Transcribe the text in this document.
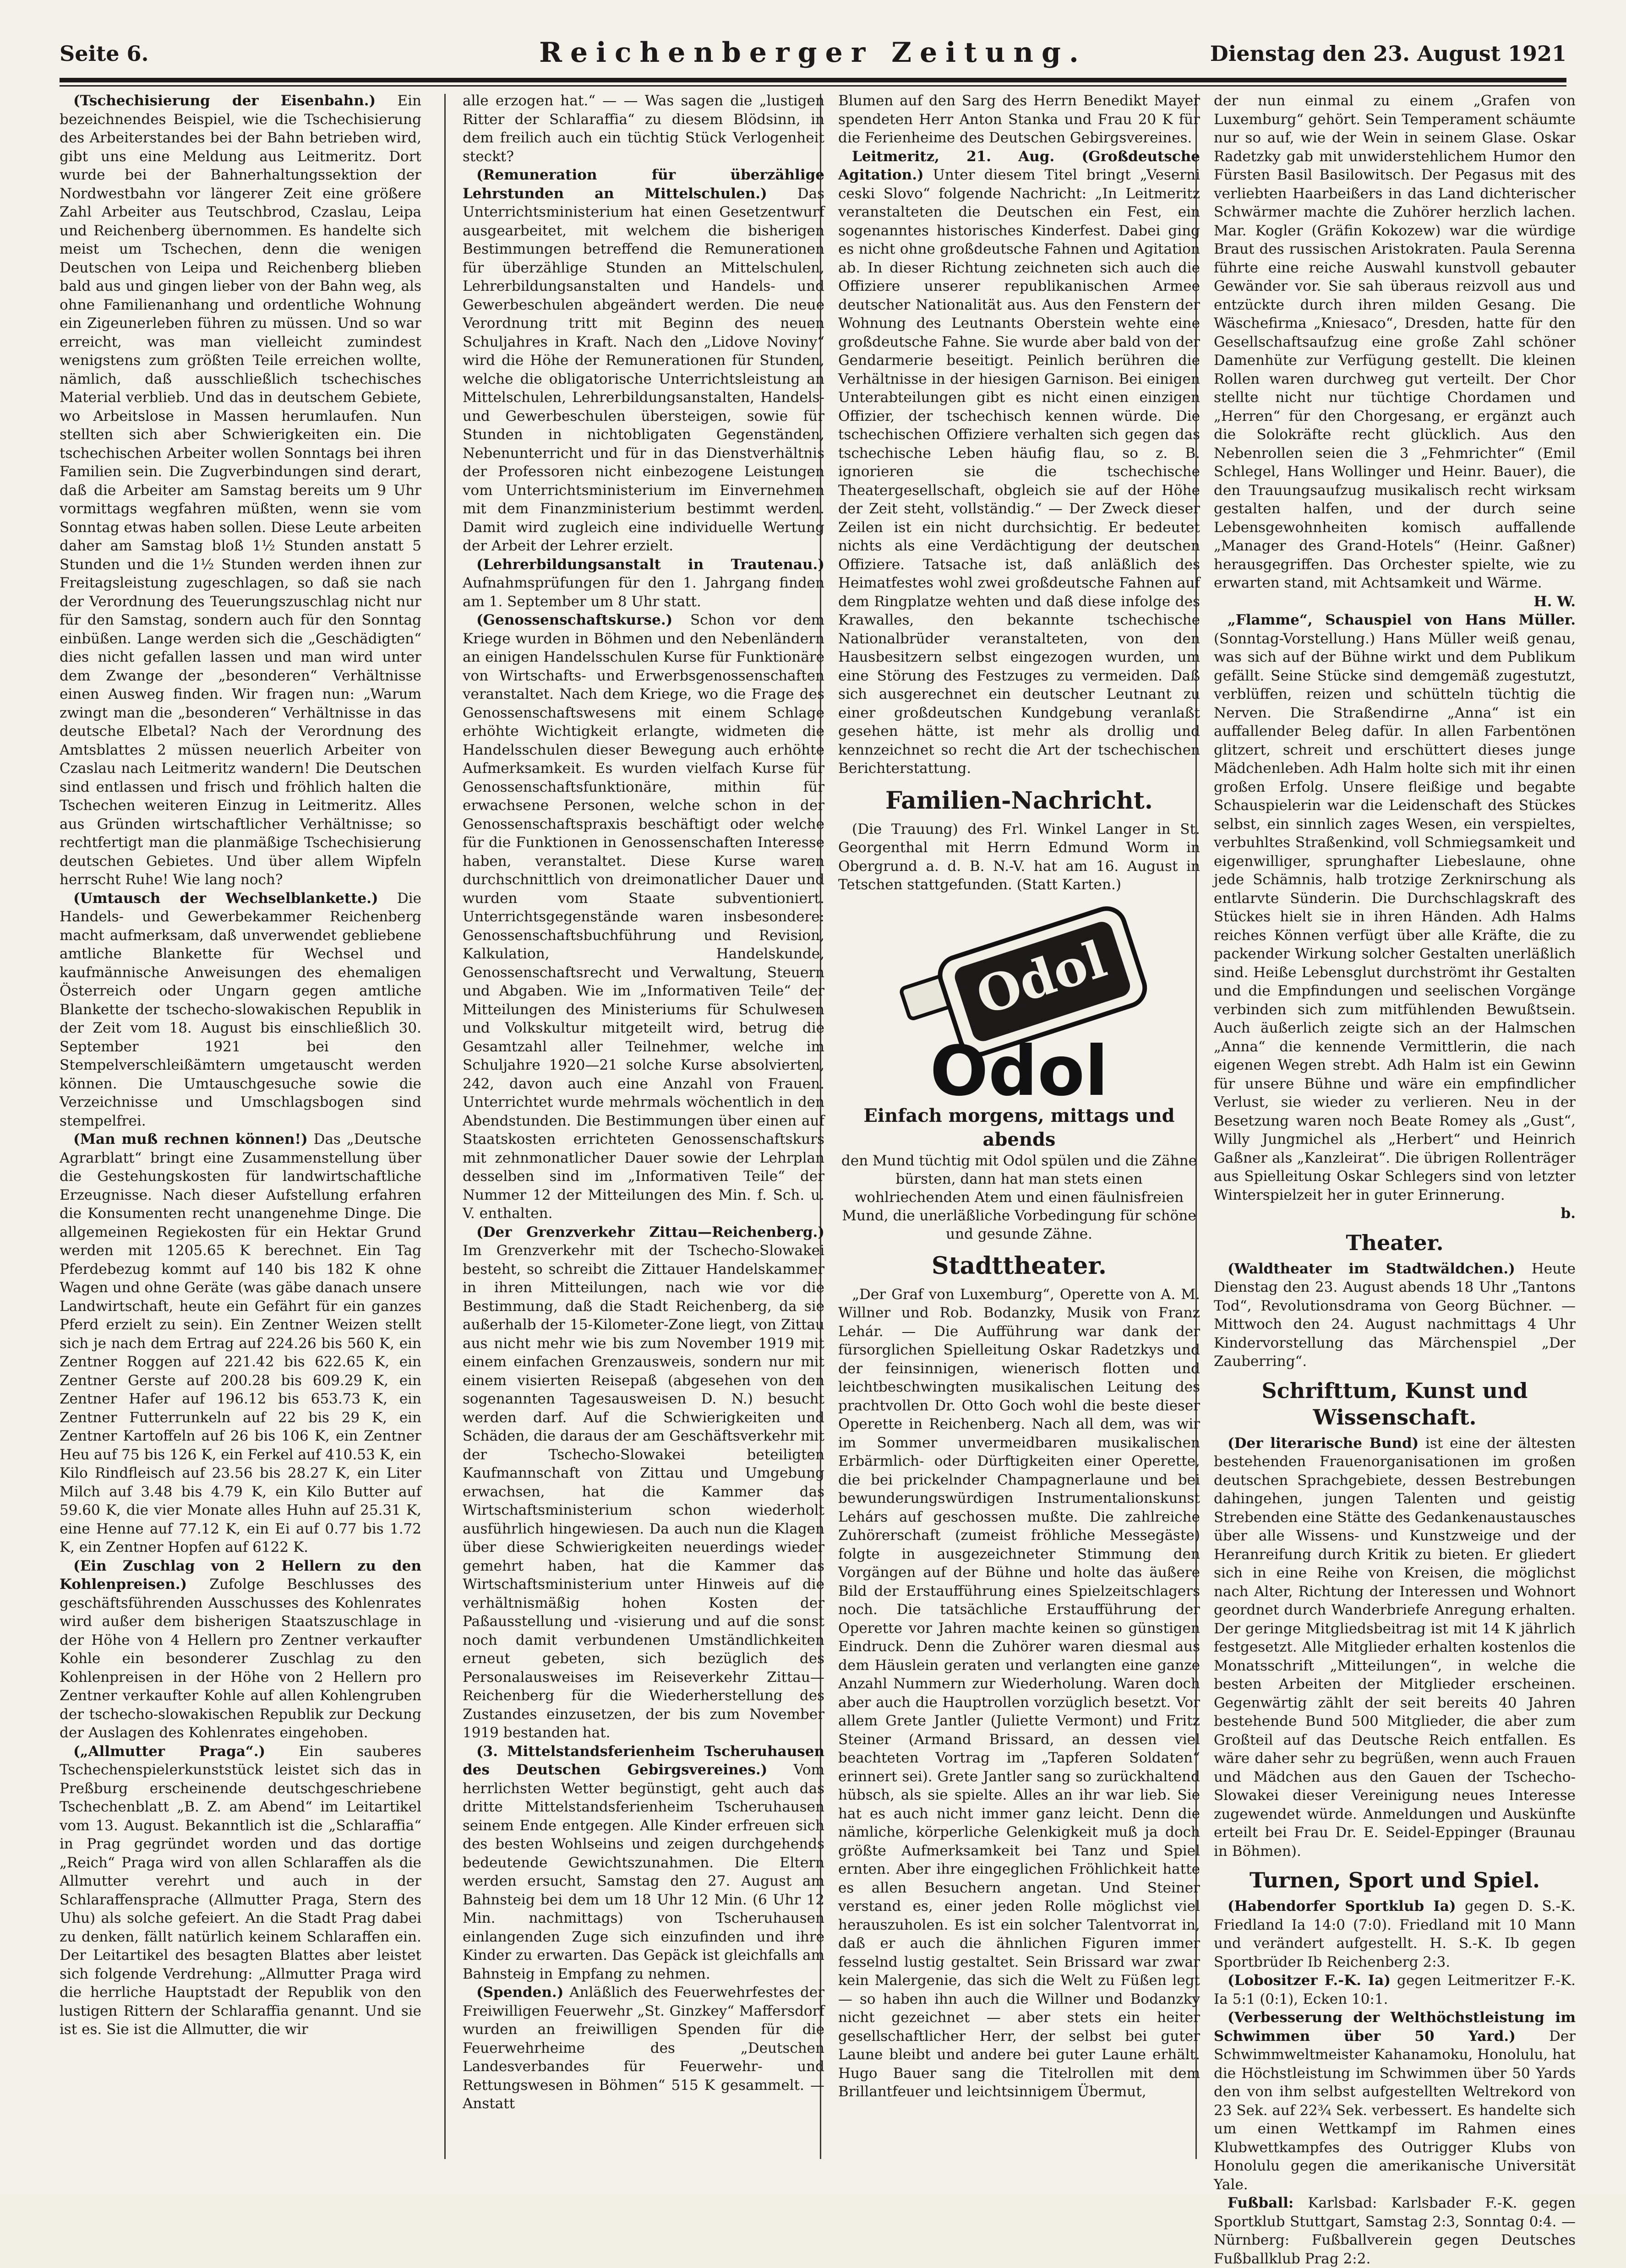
Seite 6.	Reichenberger Zeitung.	Dienstag den 23. August 1921

(Tschechisierung der Eisenbahn.) Ein bezeichnendes Beispiel, wie die Tschechisierung des Arbeiterstandes bei der Bahn betrieben wird, gibt uns eine Meldung aus Leitmeritz. Dort wurde bei der Bahnerhaltungssektion der Nordwestbahn vor längerer Zeit eine größere Zahl Arbeiter aus Teutschbrod, Czaslau, Leipa und Reichenberg übernommen. Es handelte sich meist um Tschechen, denn die wenigen Deutschen von Leipa und Reichenberg blieben bald aus und gingen lieber von der Bahn weg, als ohne Familienanhang und ordentliche Wohnung ein Zigeunerleben führen zu müssen. Und so war erreicht, was man vielleicht zumindest wenigstens zum größten Teile erreichen wollte, nämlich, daß ausschließlich tschechisches Material verblieb. Und das in deutschem Gebiete, wo Arbeitslose in Massen herumlaufen. Nun stellten sich aber Schwierigkeiten ein. Die tschechischen Arbeiter wollen Sonntags bei ihren Familien sein. Die Zugverbindungen sind derart, daß die Arbeiter am Samstag bereits um 9 Uhr vormittags wegfahren müßten, wenn sie vom Sonntag etwas haben sollen. Diese Leute arbeiten daher am Samstag bloß 1½ Stunden anstatt 5 Stunden und die 1½ Stunden werden ihnen zur Freitagsleistung zugeschlagen, so daß sie nach der Verordnung des Teuerungszuschlag nicht nur für den Samstag, sondern auch für den Sonntag einbüßen. Lange werden sich die „Geschädigten“ dies nicht gefallen lassen und man wird unter dem Zwange der „besonderen“ Verhältnisse einen Ausweg finden. Wir fragen nun: „Warum zwingt man die „besonderen“ Verhältnisse in das deutsche Elbetal? Nach der Verordnung des Amtsblattes 2 müssen neuerlich Arbeiter von Czaslau nach Leitmeritz wandern! Die Deutschen sind entlassen und frisch und fröhlich halten die Tschechen weiteren Einzug in Leitmeritz. Alles aus Gründen wirtschaftlicher Verhältnisse; so rechtfertigt man die planmäßige Tschechisierung deutschen Gebietes. Und über allem Wipfeln herrscht Ruhe! Wie lang noch?

(Umtausch der Wechselblankette.) Die Handels- und Gewerbekammer Reichenberg macht aufmerksam, daß unverwendet gebliebene amtliche Blankette für Wechsel und kaufmännische Anweisungen des ehemaligen Österreich oder Ungarn gegen amtliche Blankette der tschecho-slowakischen Republik in der Zeit vom 18. August bis einschließlich 30. September 1921 bei den Stempelverschleißämtern umgetauscht werden können. Die Umtauschgesuche sowie die Verzeichnisse und Umschlagsbogen sind stempelfrei.

(Man muß rechnen können!) Das „Deutsche Agrarblatt“ bringt eine Zusammenstellung über die Gestehungskosten für landwirtschaftliche Erzeugnisse. Nach dieser Aufstellung erfahren die Konsumenten recht unangenehme Dinge. Die allgemeinen Regiekosten für ein Hektar Grund werden mit 1205.65 K berechnet. Ein Tag Pferdebezug kommt auf 140 bis 182 K ohne Wagen und ohne Geräte (was gäbe danach unsere Landwirtschaft, heute ein Gefährt für ein ganzes Pferd erzielt zu sein). Ein Zentner Weizen stellt sich je nach dem Ertrag auf 224.26 bis 560 K, ein Zentner Roggen auf 221.42 bis 622.65 K, ein Zentner Gerste auf 200.28 bis 609.29 K, ein Zentner Hafer auf 196.12 bis 653.73 K, ein Zentner Futterrunkeln auf 22 bis 29 K, ein Zentner Kartoffeln auf 26 bis 106 K, ein Zentner Heu auf 75 bis 126 K, ein Ferkel auf 410.53 K, ein Kilo Rindfleisch auf 23.56 bis 28.27 K, ein Liter Milch auf 3.48 bis 4.79 K, ein Kilo Butter auf 59.60 K, die vier Monate alles Huhn auf 25.31 K, eine Henne auf 77.12 K, ein Ei auf 0.77 bis 1.72 K, ein Zentner Hopfen auf 6122 K.

(Ein Zuschlag von 2 Hellern zu den Kohlenpreisen.) Zufolge Beschlusses des geschäftsführenden Ausschusses des Kohlenrates wird außer dem bisherigen Staatszuschlage in der Höhe von 4 Hellern pro Zentner verkaufter Kohle ein besonderer Zuschlag zu den Kohlenpreisen in der Höhe von 2 Hellern pro Zentner verkaufter Kohle auf allen Kohlengruben der tschecho-slowakischen Republik zur Deckung der Auslagen des Kohlenrates eingehoben.

(„Allmutter Praga“.) Ein sauberes Tschechenspielerkunststück leistet sich das in Preßburg erscheinende deutschgeschriebene Tschechenblatt „B. Z. am Abend“ im Leitartikel vom 13. August. Bekanntlich ist die „Schlaraffia“ in Prag gegründet worden und das dortige „Reich“ Praga wird von allen Schlaraffen als die Allmutter verehrt und auch in der Schlaraffensprache (Allmutter Praga, Stern des Uhu) als solche gefeiert. An die Stadt Prag dabei zu denken, fällt natürlich keinem Schlaraffen ein. Der Leitartikel des besagten Blattes aber leistet sich folgende Verdrehung: „Allmutter Praga wird die herrliche Hauptstadt der Republik von den lustigen Rittern der Schlaraffia genannt. Und sie ist es. Sie ist die Allmutter, die wir

alle erzogen hat.“ — — Was sagen die „lustigen Ritter der Schlaraffia“ zu diesem Blödsinn, in dem freilich auch ein tüchtig Stück Verlogenheit steckt?

(Remuneration für überzählige Lehrstunden an Mittelschulen.) Das Unterrichtsministerium hat einen Gesetzentwurf ausgearbeitet, mit welchem die bisherigen Bestimmungen betreffend die Remunerationen für überzählige Stunden an Mittelschulen, Lehrerbildungsanstalten und Handels- und Gewerbeschulen abgeändert werden. Die neue Verordnung tritt mit Beginn des neuen Schuljahres in Kraft. Nach den „Lidove Noviny“ wird die Höhe der Remunerationen für Stunden, welche die obligatorische Unterrichtsleistung an Mittelschulen, Lehrerbildungsanstalten, Handels- und Gewerbeschulen übersteigen, sowie für Stunden in nichtobligaten Gegenständen, Nebenunterricht und für in das Dienstverhältnis der Professoren nicht einbezogene Leistungen vom Unterrichtsministerium im Einvernehmen mit dem Finanzministerium bestimmt werden. Damit wird zugleich eine individuelle Wertung der Arbeit der Lehrer erzielt.

(Lehrerbildungsanstalt in Trautenau.) Aufnahmsprüfungen für den 1. Jahrgang finden am 1. September um 8 Uhr statt.

(Genossenschaftskurse.) Schon vor dem Kriege wurden in Böhmen und den Nebenländern an einigen Handelsschulen Kurse für Funktionäre von Wirtschafts- und Erwerbsgenossenschaften veranstaltet. Nach dem Kriege, wo die Frage des Genossenschaftswesens mit einem Schlage erhöhte Wichtigkeit erlangte, widmeten die Handelsschulen dieser Bewegung auch erhöhte Aufmerksamkeit. Es wurden vielfach Kurse für Genossenschaftsfunktionäre, mithin für erwachsene Personen, welche schon in der Genossenschaftspraxis beschäftigt oder welche für die Funktionen in Genossenschaften Interesse haben, veranstaltet. Diese Kurse waren durchschnittlich von dreimonatlicher Dauer und wurden vom Staate subventioniert. Unterrichtsgegenstände waren insbesondere: Genossenschaftsbuchführung und Revision, Kalkulation, Handelskunde, Genossenschaftsrecht und Verwaltung, Steuern und Abgaben. Wie im „Informativen Teile“ der Mitteilungen des Ministeriums für Schulwesen und Volkskultur mitgeteilt wird, betrug die Gesamtzahl aller Teilnehmer, welche im Schuljahre 1920—21 solche Kurse absolvierten, 242, davon auch eine Anzahl von Frauen. Unterrichtet wurde mehrmals wöchentlich in den Abendstunden. Die Bestimmungen über einen auf Staatskosten errichteten Genossenschaftskurs mit zehnmonatlicher Dauer sowie der Lehrplan desselben sind im „Informativen Teile“ der Nummer 12 der Mitteilungen des Min. f. Sch. u. V. enthalten.

(Der Grenzverkehr Zittau—Reichenberg.) Im Grenzverkehr mit der Tschecho-Slowakei besteht, so schreibt die Zittauer Handelskammer in ihren Mitteilungen, nach wie vor die Bestimmung, daß die Stadt Reichenberg, da sie außerhalb der 15-Kilometer-Zone liegt, von Zittau aus nicht mehr wie bis zum November 1919 mit einem einfachen Grenzausweis, sondern nur mit einem visierten Reisepaß (abgesehen von den sogenannten Tagesausweisen D. N.) besucht werden darf. Auf die Schwierigkeiten und Schäden, die daraus der am Geschäftsverkehr mit der Tschecho-Slowakei beteiligten Kaufmannschaft von Zittau und Umgebung erwachsen, hat die Kammer das Wirtschaftsministerium schon wiederholt ausführlich hingewiesen. Da auch nun die Klagen über diese Schwierigkeiten neuerdings wieder gemehrt haben, hat die Kammer das Wirtschaftsministerium unter Hinweis auf die verhältnismäßig hohen Kosten der Paßausstellung und -visierung und auf die sonst noch damit verbundenen Umständlichkeiten erneut gebeten, sich bezüglich des Personalausweises im Reiseverkehr Zittau—Reichenberg für die Wiederherstellung des Zustandes einzusetzen, der bis zum November 1919 bestanden hat.

(3. Mittelstandsferienheim Tscheruhausen des Deutschen Gebirgsvereines.) Vom herrlichsten Wetter begünstigt, geht auch das dritte Mittelstandsferienheim Tscheruhausen seinem Ende entgegen. Alle Kinder erfreuen sich des besten Wohlseins und zeigen durchgehends bedeutende Gewichtszunahmen. Die Eltern werden ersucht, Samstag den 27. August am Bahnsteig bei dem um 18 Uhr 12 Min. (6 Uhr 12 Min. nachmittags) von Tscheruhausen einlangenden Zuge sich einzufinden und ihre Kinder zu erwarten. Das Gepäck ist gleichfalls am Bahnsteig in Empfang zu nehmen.

(Spenden.) Anläßlich des Feuerwehrfestes der Freiwilligen Feuerwehr „St. Ginzkey“ Maffersdorf wurden an freiwilligen Spenden für die Feuerwehrheime des „Deutschen Landesverbandes für Feuerwehr- und Rettungswesen in Böhmen“ 515 K gesammelt. — Anstatt

Blumen auf den Sarg des Herrn Benedikt Mayer spendeten Herr Anton Stanka und Frau 20 K für die Ferienheime des Deutschen Gebirgsvereines.

Leitmeritz, 21. Aug. (Großdeutsche Agitation.) Unter diesem Titel bringt „Veserni ceski Slovo“ folgende Nachricht: „In Leitmeritz veranstalteten die Deutschen ein Fest, ein sogenanntes historisches Kinderfest. Dabei ging es nicht ohne großdeutsche Fahnen und Agitation ab. In dieser Richtung zeichneten sich auch die Offiziere unserer republikanischen Armee deutscher Nationalität aus. Aus den Fenstern der Wohnung des Leutnants Oberstein wehte eine großdeutsche Fahne. Sie wurde aber bald von der Gendarmerie beseitigt. Peinlich berühren die Verhältnisse in der hiesigen Garnison. Bei einigen Unterabteilungen gibt es nicht einen einzigen Offizier, der tschechisch kennen würde. Die tschechischen Offiziere verhalten sich gegen das tschechische Leben häufig flau, so z. B. ignorieren sie die tschechische Theatergesellschaft, obgleich sie auf der Höhe der Zeit steht, vollständig.“ — Der Zweck dieser Zeilen ist ein nicht durchsichtig. Er bedeutet nichts als eine Verdächtigung der deutschen Offiziere. Tatsache ist, daß anläßlich des Heimatfestes wohl zwei großdeutsche Fahnen auf dem Ringplatze wehten und daß diese infolge des Krawalles, den bekannte tschechische Nationalbrüder veranstalteten, von den Hausbesitzern selbst eingezogen wurden, um eine Störung des Festzuges zu vermeiden. Daß sich ausgerechnet ein deutscher Leutnant zu einer großdeutschen Kundgebung veranlaßt gesehen hätte, ist mehr als drollig und kennzeichnet so recht die Art der tschechischen Berichterstattung.

Familien-Nachricht.

(Die Trauung) des Frl. Winkel Langer in St. Georgenthal mit Herrn Edmund Worm in Obergrund a. d. B. N.-V. hat am 16. August in Tetschen stattgefunden. (Statt Karten.)

Odol
Odol
Einfach morgens, mittags und abends
den Mund tüchtig mit Odol spülen und die Zähne bürsten, dann hat man stets einen wohlriechenden Atem und einen fäulnisfreien Mund, die unerläßliche Vorbedingung für schöne und gesunde Zähne.
Stadttheater.

„Der Graf von Luxemburg“, Operette von A. M. Willner und Rob. Bodanzky, Musik von Franz Lehár. — Die Aufführung war dank der fürsorglichen Spielleitung Oskar Radetzkys und der feinsinnigen, wienerisch flotten und leichtbeschwingten musikalischen Leitung des prachtvollen Dr. Otto Goch wohl die beste dieser Operette in Reichenberg. Nach all dem, was wir im Sommer unvermeidbaren musikalischen Erbärmlich- oder Dürftigkeiten einer Operette, die bei prickelnder Champagnerlaune und bei bewunderungswürdigen Instrumentalionskunst Lehárs auf geschossen mußte. Die zahlreiche Zuhörerschaft (zumeist fröhliche Messegäste) folgte in ausgezeichneter Stimmung den Vorgängen auf der Bühne und holte das äußere Bild der Erstaufführung eines Spielzeitschlagers noch. Die tatsächliche Erstaufführung der Operette vor Jahren machte keinen so günstigen Eindruck. Denn die Zuhörer waren diesmal aus dem Häuslein geraten und verlangten eine ganze Anzahl Nummern zur Wiederholung. Waren doch aber auch die Hauptrollen vorzüglich besetzt. Vor allem Grete Jantler (Juliette Vermont) und Fritz Steiner (Armand Brissard, an dessen viel beachteten Vortrag im „Tapferen Soldaten“ erinnert sei). Grete Jantler sang so zurückhaltend hübsch, als sie spielte. Alles an ihr war lieb. Sie hat es auch nicht immer ganz leicht. Denn die nämliche, körperliche Gelenkigkeit muß ja doch größte Aufmerksamkeit bei Tanz und Spiel ernten. Aber ihre eingeglichen Fröhlichkeit hatte es allen Besuchern angetan. Und Steiner verstand es, einer jeden Rolle möglichst viel herauszuholen. Es ist ein solcher Talentvorrat in, daß er auch die ähnlichen Figuren immer fesselnd lustig gestaltet. Sein Brissard war zwar kein Malergenie, das sich die Welt zu Füßen legt — so haben ihn auch die Willner und Bodanzky nicht gezeichnet — aber stets ein heiter gesellschaftlicher Herr, der selbst bei guter Laune bleibt und andere bei guter Laune erhält. Hugo Bauer sang die Titelrollen mit dem Brillantfeuer und leichtsinnigem Übermut,

der nun einmal zu einem „Grafen von Luxemburg“ gehört. Sein Temperament schäumte nur so auf, wie der Wein in seinem Glase. Oskar Radetzky gab mit unwiderstehlichem Humor den Fürsten Basil Basilowitsch. Der Pegasus mit des verliebten Haarbeißers in das Land dichterischer Schwärmer machte die Zuhörer herzlich lachen. Mar. Kogler (Gräfin Kokozew) war die würdige Braut des russischen Aristokraten. Paula Serenna führte eine reiche Auswahl kunstvoll gebauter Gewänder vor. Sie sah überaus reizvoll aus und entzückte durch ihren milden Gesang. Die Wäschefirma „Kniesaco“, Dresden, hatte für den Gesellschaftsaufzug eine große Zahl schöner Damenhüte zur Verfügung gestellt. Die kleinen Rollen waren durchweg gut verteilt. Der Chor stellte nicht nur tüchtige Chordamen und „Herren“ für den Chorgesang, er ergänzt auch die Solokräfte recht glücklich. Aus den Nebenrollen seien die 3 „Fehmrichter“ (Emil Schlegel, Hans Wollinger und Heinr. Bauer), die den Trauungsaufzug musikalisch recht wirksam gestalten halfen, und der durch seine Lebensgewohnheiten komisch auffallende „Manager des Grand-Hotels“ (Heinr. Gaßner) herausgegriffen. Das Orchester spielte, wie zu erwarten stand, mit Achtsamkeit und Wärme.

H. W.

„Flamme“, Schauspiel von Hans Müller. (Sonntag-Vorstellung.) Hans Müller weiß genau, was sich auf der Bühne wirkt und dem Publikum gefällt. Seine Stücke sind demgemäß zugestutzt, verblüffen, reizen und schütteln tüchtig die Nerven. Die Straßendirne „Anna“ ist ein auffallender Beleg dafür. In allen Farbentönen glitzert, schreit und erschüttert dieses junge Mädchenleben. Adh Halm holte sich mit ihr einen großen Erfolg. Unsere fleißige und begabte Schauspielerin war die Leidenschaft des Stückes selbst, ein sinnlich zages Wesen, ein verspieltes, verbuhltes Straßenkind, voll Schmiegsamkeit und eigenwilliger, sprunghafter Liebeslaune, ohne jede Schämnis, halb trotzige Zerknirschung als entlarvte Sünderin. Die Durchschlagskraft des Stückes hielt sie in ihren Händen. Adh Halms reiches Können verfügt über alle Kräfte, die zu packender Wirkung solcher Gestalten unerläßlich sind. Heiße Lebensglut durchströmt ihr Gestalten und die Empfindungen und seelischen Vorgänge verbinden sich zum mitfühlenden Bewußtsein. Auch äußerlich zeigte sich an der Halmschen „Anna“ die kennende Vermittlerin, die nach eigenen Wegen strebt. Adh Halm ist ein Gewinn für unsere Bühne und wäre ein empfindlicher Verlust, sie wieder zu verlieren. Neu in der Besetzung waren noch Beate Romey als „Gust“, Willy Jungmichel als „Herbert“ und Heinrich Gaßner als „Kanzleirat“. Die übrigen Rollenträger aus Spielleitung Oskar Schlegers sind von letzter Winterspielzeit her in guter Erinnerung.

b.
Theater.

(Waldtheater im Stadtwäldchen.) Heute Dienstag den 23. August abends 18 Uhr „Tantons Tod“, Revolutionsdrama von Georg Büchner. — Mittwoch den 24. August nachmittags 4 Uhr Kindervorstellung das Märchenspiel „Der Zauberring“.

Schrifttum, Kunst und Wissenschaft.

(Der literarische Bund) ist eine der ältesten bestehenden Frauenorganisationen im großen deutschen Sprachgebiete, dessen Bestrebungen dahingehen, jungen Talenten und geistig Strebenden eine Stätte des Gedankenaustausches über alle Wissens- und Kunstzweige und der Heranreifung durch Kritik zu bieten. Er gliedert sich in eine Reihe von Kreisen, die möglichst nach Alter, Richtung der Interessen und Wohnort geordnet durch Wanderbriefe Anregung erhalten. Der geringe Mitgliedsbeitrag ist mit 14 K jährlich festgesetzt. Alle Mitglieder erhalten kostenlos die Monatsschrift „Mitteilungen“, in welche die besten Arbeiten der Mitglieder erscheinen. Gegenwärtig zählt der seit bereits 40 Jahren bestehende Bund 500 Mitglieder, die aber zum Großteil auf das Deutsche Reich entfallen. Es wäre daher sehr zu begrüßen, wenn auch Frauen und Mädchen aus den Gauen der Tschecho-Slowakei dieser Vereinigung neues Interesse zugewendet würde. Anmeldungen und Auskünfte erteilt bei Frau Dr. E. Seidel-Eppinger (Braunau in Böhmen).

Turnen, Sport und Spiel.

(Habendorfer Sportklub Ia) gegen D. S.-K. Friedland Ia 14:0 (7:0). Friedland mit 10 Mann und verändert aufgestellt. H. S.-K. Ib gegen Sportbrüder Ib Reichenberg 2:3.

(Lobositzer F.-K. Ia) gegen Leitmeritzer F.-K. Ia 5:1 (0:1), Ecken 10:1.

(Verbesserung der Welthöchstleistung im Schwimmen über 50 Yard.) Der Schwimmweltmeister Kahanamoku, Honolulu, hat die Höchstleistung im Schwimmen über 50 Yards den von ihm selbst aufgestellten Weltrekord von 23 Sek. auf 22¾ Sek. verbessert. Es handelte sich um einen Wettkampf im Rahmen eines Klubwettkampfes des Outrigger Klubs von Honolulu gegen die amerikanische Universität Yale.

Fußball: Karlsbad: Karlsbader F.-K. gegen Sportklub Stuttgart, Samstag 2:3, Sonntag 0:4. — Nürnberg: Fußballverein gegen Deutsches Fußballklub Prag 2:2.
